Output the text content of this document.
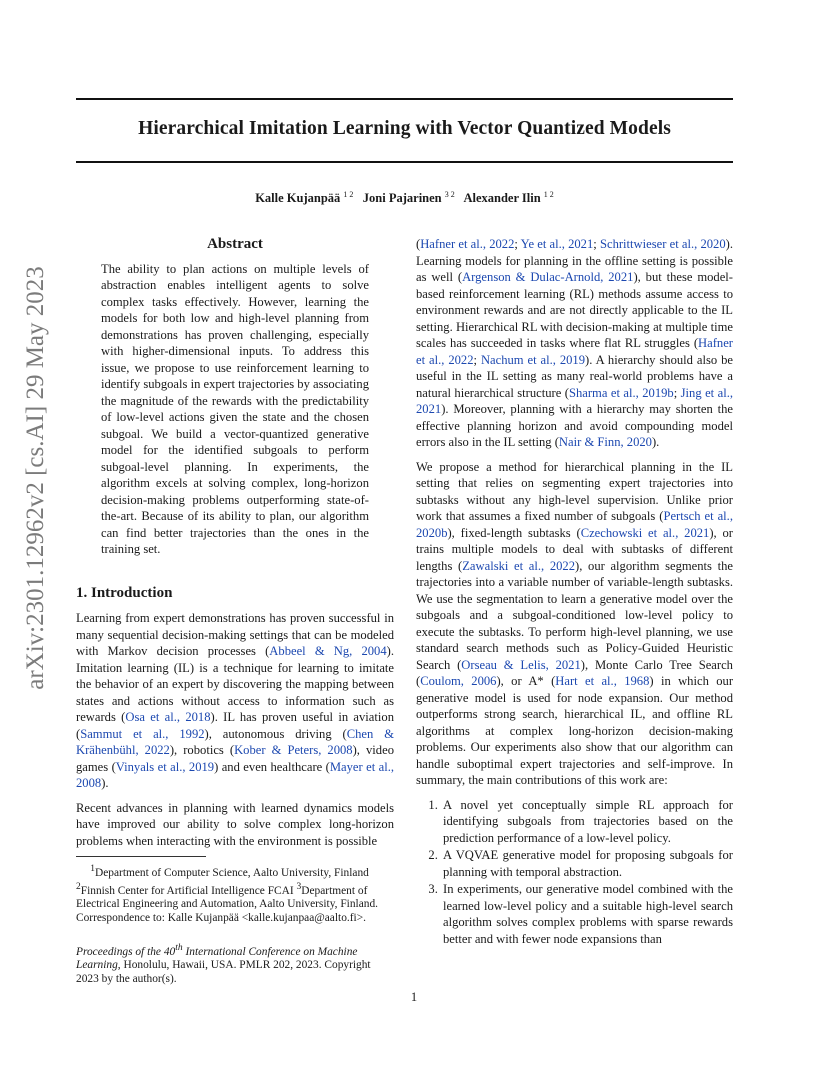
arXiv:2301.12962v2 [cs.AI] 29 May 2023
Hierarchical Imitation Learning with Vector Quantized Models
Kalle Kujanpää $^{1 2}$ Joni Pajarinen $^{3 2}$ Alexander Ilin $^{1 2}$
Abstract
The ability to plan actions on multiple levels of abstraction enables intelligent agents to solve complex tasks effectively. However, learning the models for both low and high-level planning from demonstrations has proven challenging, especially with higher-dimensional inputs. To address this issue, we propose to use reinforcement learning to identify subgoals in expert trajectories by associating the magnitude of the rewards with the predictability of low-level actions given the state and the chosen subgoal. We build a vector-quantized generative model for the identified subgoals to perform subgoal-level planning. In experiments, the algorithm excels at solving complex, long-horizon decision-making problems outperforming state-of-the-art. Because of its ability to plan, our algorithm can find better trajectories than the ones in the training set.
1. Introduction

Learning from expert demonstrations has proven successful in many sequential decision-making settings that can be modeled with Markov decision processes (Abbeel & Ng, 2004). Imitation learning (IL) is a technique for learning to imitate the behavior of an expert by discovering the mapping between states and actions without access to information such as rewards (Osa et al., 2018). IL has proven useful in aviation (Sammut et al., 1992), autonomous driving (Chen & Krähenbühl, 2022), robotics (Kober & Peters, 2008), video games (Vinyals et al., 2019) and even healthcare (Mayer et al., 2008).

Recent advances in planning with learned dynamics models have improved our ability to solve complex long-horizon problems when interacting with the environment is possible

(Hafner et al., 2022; Ye et al., 2021; Schrittwieser et al., 2020). Learning models for planning in the offline setting is possible as well (Argenson & Dulac-Arnold, 2021), but these model-based reinforcement learning (RL) methods assume access to environment rewards and are not directly applicable to the IL setting. Hierarchical RL with decision-making at multiple time scales has succeeded in tasks where flat RL struggles (Hafner et al., 2022; Nachum et al., 2019). A hierarchy should also be useful in the IL setting as many real-world problems have a natural hierarchical structure (Sharma et al., 2019b; Jing et al., 2021). Moreover, planning with a hierarchy may shorten the effective planning horizon and avoid compounding model errors also in the IL setting (Nair & Finn, 2020).

We propose a method for hierarchical planning in the IL setting that relies on segmenting expert trajectories into subtasks without any high-level supervision. Unlike prior work that assumes a fixed number of subgoals (Pertsch et al., 2020b), fixed-length subtasks (Czechowski et al., 2021), or trains multiple models to deal with subtasks of different lengths (Zawalski et al., 2022), our algorithm segments the trajectories into a variable number of variable-length subtasks. We use the segmentation to learn a generative model over the subgoals and a subgoal-conditioned low-level policy to execute the subtasks. To perform high-level planning, we use standard search methods such as Policy-Guided Heuristic Search (Orseau & Lelis, 2021), Monte Carlo Tree Search (Coulom, 2006), or A* (Hart et al., 1968) in which our generative model is used for node expansion. Our method outperforms strong search, hierarchical IL, and offline RL algorithms at complex long-horizon decision-making problems. Our experiments also show that our algorithm can handle suboptimal expert trajectories and self-improve. In summary, the main contributions of this work are:

1. A novel yet conceptually simple RL approach for identifying subgoals from trajectories based on the prediction performance of a low-level policy.
2. A VQVAE generative model for proposing subgoals for planning with temporal abstraction.
3. In experiments, our generative model combined with the learned low-level policy and a suitable high-level search algorithm solves complex problems with sparse rewards better and with fewer node expansions than

$^1$Department of Computer Science, Aalto University, Finland

$^2$Finnish Center for Artificial Intelligence FCAI $^3$Department of Electrical Engineering and Automation, Aalto University, Finland. Correspondence to: Kalle Kujanpää <kalle.kujanpaa@aalto.fi>.

Proceedings of the 40th International Conference on Machine Learning, Honolulu, Hawaii, USA. PMLR 202, 2023. Copyright 2023 by the author(s).

1
